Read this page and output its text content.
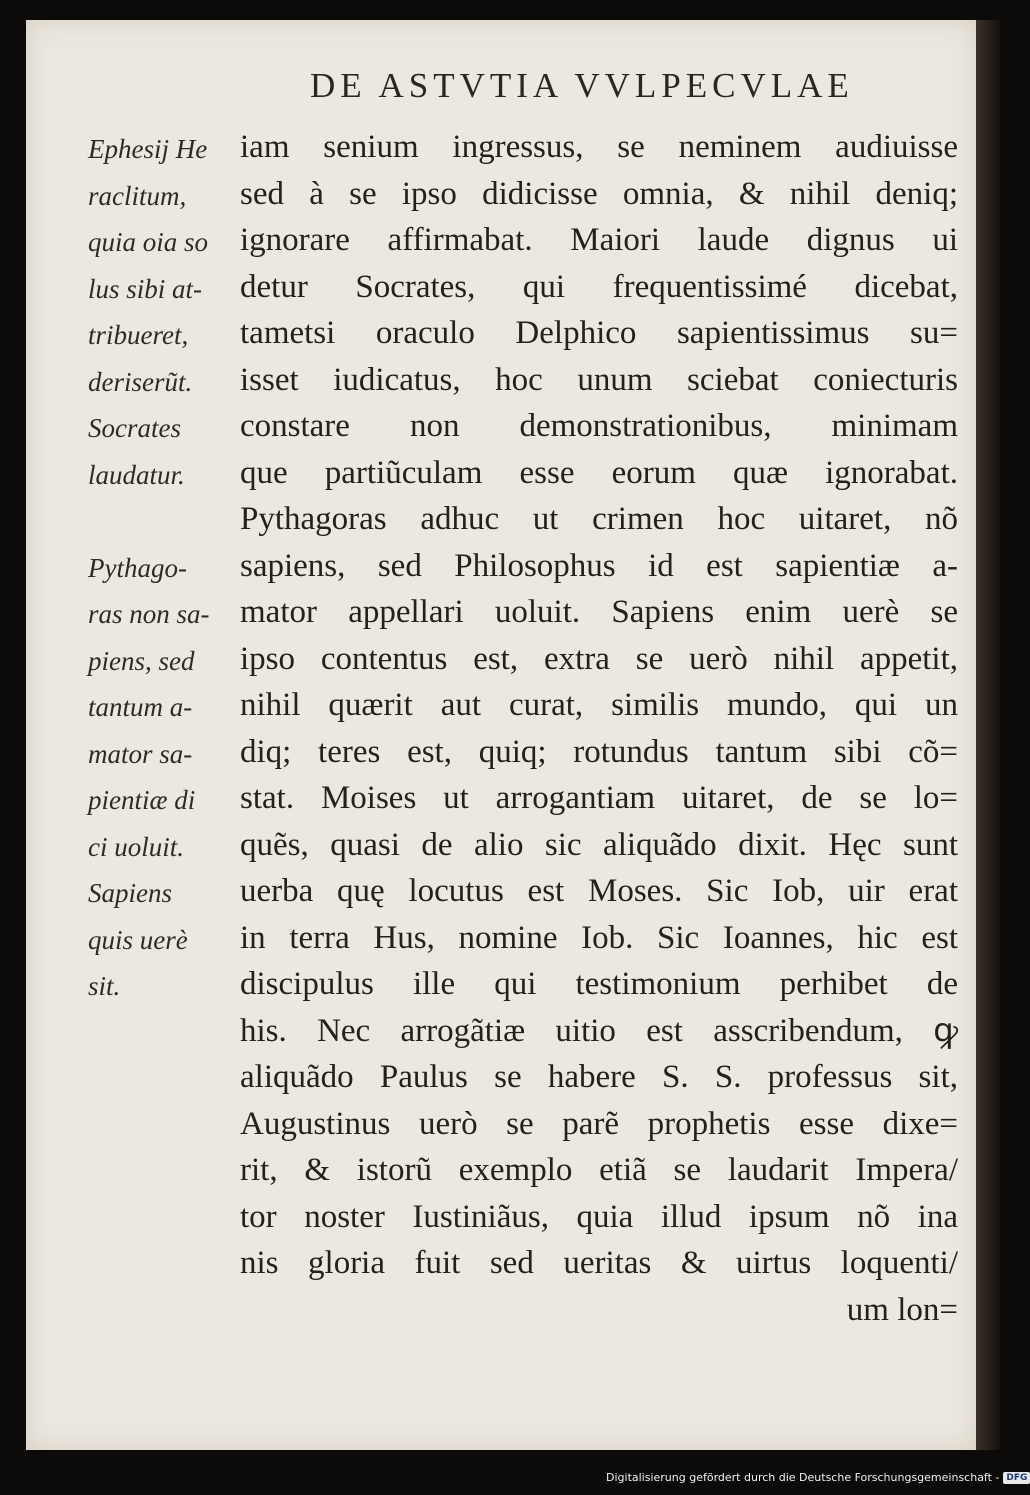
DE ASTVTIA VVLPECVLAE
Ephesij He
raclitum,
quia oia so
lus sibi at-
tribueret,
deriserũt.
Socrates
laudatur.
Pythago-
ras non sa-
piens, sed
tantum a-
mator sa-
pientiæ di
ci uoluit.
Sapiens
quis uerè
sit.
iam senium ingressus, se neminem audiuisse
sed à se ipso didicisse omnia, & nihil deniq;
ignorare affirmabat. Maiori laude dignus ui
detur Socrates, qui frequentissimé dicebat,
tametsi oraculo Delphico sapientissimus su=
isset iudicatus, hoc unum sciebat coniecturis
constare non demonstrationibus, minimam
que partiũculam esse eorum quæ ignorabat.
Pythagoras adhuc ut crimen hoc uitaret, nõ
sapiens, sed Philosophus id est sapientiæ a-
mator appellari uoluit. Sapiens enim uerè se
ipso contentus est, extra se uerò nihil appetit,
nihil quærit aut curat, similis mundo, qui un
diq; teres est, quiq; rotundus tantum sibi cõ=
stat. Moises ut arrogantiam uitaret, de se lo=
quẽs, quasi de alio sic aliquãdo dixit. Hęc sunt
uerba quę locutus est Moses. Sic Iob, uir erat
in terra Hus, nomine Iob. Sic Ioannes, hic est
discipulus ille qui testimonium perhibet de
his. Nec arrogãtiæ uitio est asscribendum, ꝙ
aliquãdo Paulus se habere S. S. professus sit,
Augustinus uerò se parẽ prophetis esse dixe=
rit, & istorũ exemplo etiã se laudarit Impera/
tor noster Iustiniãus, quia illud ipsum nõ ina
nis gloria fuit sed ueritas & uirtus loquenti/
um lon=
Digitalisierung gefördert durch die Deutsche Forschungsgemeinschaft - DFG
